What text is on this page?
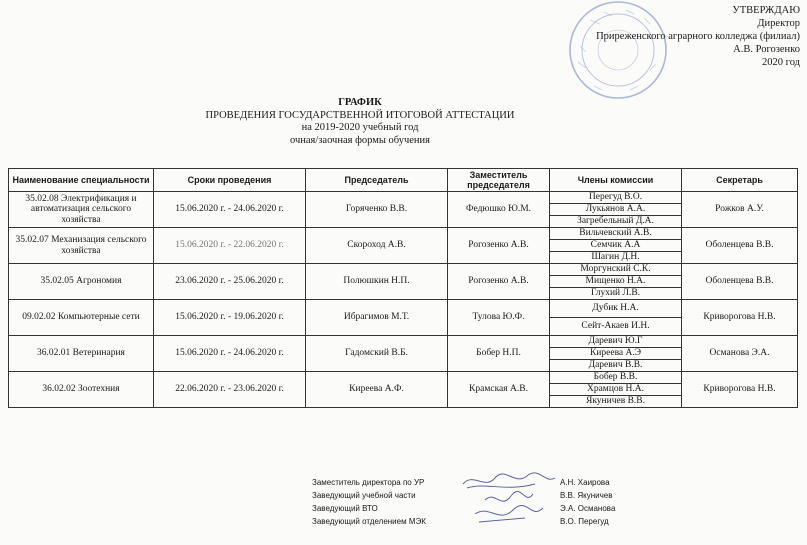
УТВЕРЖДАЮ
Директор
Приреженского аграрного колледжа (филиал)
А.В. Рогозенко
2020 год
ГРАФИК
ПРОВЕДЕНИЯ ГОСУДАРСТВЕННОЙ ИТОГОВОЙ АТТЕСТАЦИИ
на 2019-2020 учебный год
очная/заочная формы обучения
Наименование специальности	Сроки проведения	Председатель	Заместитель председателя	Члены комиссии	Секретарь
35.02.08 Электрификация и автоматизация сельского хозяйства	15.06.2020 г. - 24.06.2020 г.	Горяченко В.В.	Федюшко Ю.М.	Перегуд В.О.	Рожков А.У.
				Лукьянов А.А.	
				Загребельный Д.А.	
35.02.07 Механизация сельского хозяйства	15.06.2020 г. - 22.06.2020 г.	Скороход А.В.	Рогозенко А.В.	Вильчевский А.В.	Оболенцева В.В.
				Семчик А.А	
				Шагин Д.Н.	
35.02.05 Агрономия	23.06.2020 г. - 25.06.2020 г.	Полюшкин Н.П.	Рогозенко А.В.	Моргунский С.К.	Оболенцева В.В.
				Мищенко Н.А.	
				Глухий Л.В.	
09.02.02 Компьютерные сети	15.06.2020 г. - 19.06.2020 г.	Ибрагимов М.Т.	Тулова Ю.Ф.	Дубик Н.А.	Криворогова Н.В.
				Сейт-Акаев И.Н.	
36.02.01 Ветеринария	15.06.2020 г. - 24.06.2020 г.	Гадомский В.Б.	Бобер Н.П.	Даревич Ю.Г	Османова Э.А.
				Киреева А.Э	
				Даревич В.В.	
36.02.02 Зоотехния	22.06.2020 г. - 23.06.2020 г.	Киреева А.Ф.	Крамская А.В.	Бобер В.В.	Криворогова Н.В.
				Храмцов Н.А.	
				Якуничев В.В.	
Заместитель директора по УР	А.Н. Хаирова
Заведующий учебной части	В.В. Якуничев
Заведующий ВТО	Э.А. Османова
Заведующий отделением МЭК	В.О. Перегуд
